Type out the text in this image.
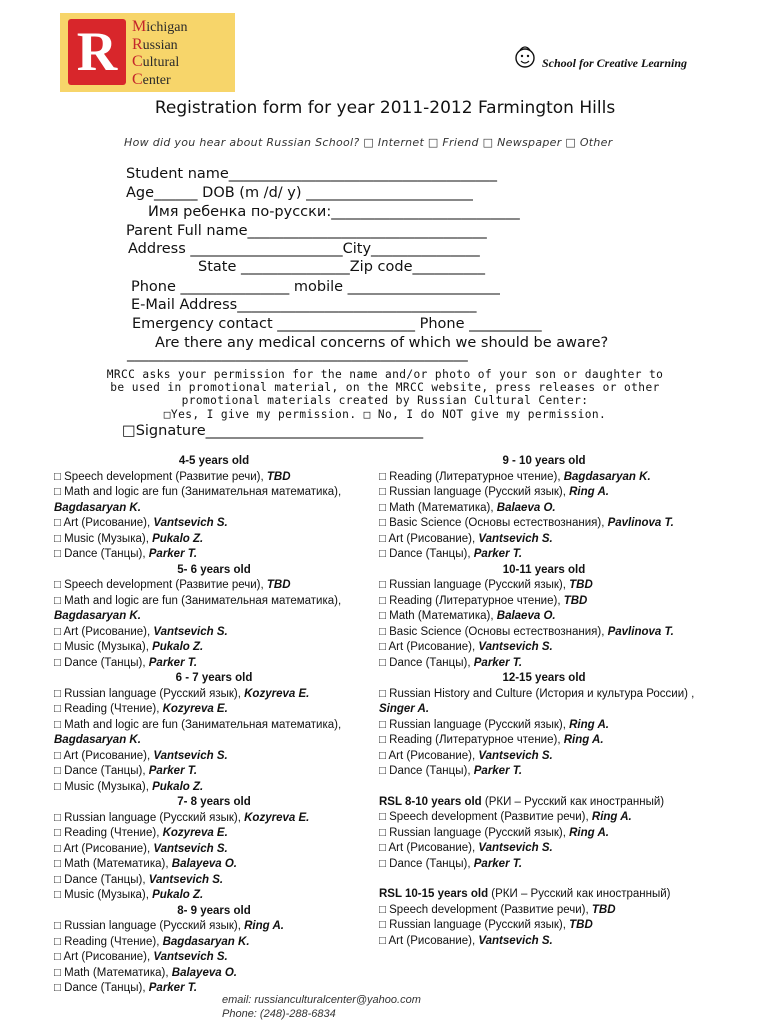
R Michigan
Russian
Cultural
Center
School for Creative Learning
Registration form for year 2011-2012 Farmington Hills
How did you hear about Russian School? □ Internet □ Friend □ Newspaper □ Other
Student name_____________________________________
Age______ DOB (m /d/ y) _______________________
Имя ребенка по-русски:__________________________
Parent Full name_________________________________
Address _____________________City_______________
State _______________Zip code__________
Phone _______________ mobile _____________________
E-Mail Address_________________________________
Emergency contact ___________________ Phone __________
Are there any medical concerns of which we should be aware?
_______________________________________________
MRCC asks your permission for the name and/or photo of your son or daughter to
be used in promotional material, on the MRCC website, press releases or other
promotional materials created by Russian Cultural Center:
□Yes, I give my permission. □ No, I do NOT give my permission.
□Signature______________________________
4-5 years old
□ Speech development (Развитие речи), TBD
□ Math and logic are fun (Занимательная математика), Bagdasaryan K.
□ Art (Рисование), Vantsevich S.
□ Music (Музыка), Pukalo Z.
□ Dance (Танцы), Parker T.
5- 6 years old
□ Speech development (Развитие речи), TBD
□ Math and logic are fun (Занимательная математика), Bagdasaryan K.
□ Art (Рисование), Vantsevich S.
□ Music (Музыка), Pukalo Z.
□ Dance (Танцы), Parker T.
6 - 7 years old
□ Russian language (Русский язык), Kozyreva E.
□ Reading (Чтение), Kozyreva E.
□ Math and logic are fun (Занимательная математика), Bagdasaryan K.
□ Art (Рисование), Vantsevich S.
□ Dance (Танцы), Parker T.
□ Music (Музыка), Pukalo Z.
7- 8 years old
□ Russian language (Русский язык), Kozyreva E.
□ Reading (Чтение), Kozyreva E.
□ Art (Рисование), Vantsevich S.
□ Math (Математика), Balayeva O.
□ Dance (Танцы), Vantsevich S.
□ Music (Музыка), Pukalo Z.
8- 9 years old
□ Russian language (Русский язык), Ring A.
□ Reading (Чтение), Bagdasaryan K.
□ Art (Рисование), Vantsevich S.
□ Math (Математика), Balayeva O.
□ Dance (Танцы), Parker T.
9 - 10 years old
□ Reading (Литературное чтение), Bagdasaryan K.
□ Russian language (Русский язык), Ring A.
□ Math (Математика), Balaeva O.
□ Basic Science (Основы естествознания), Pavlinova T.
□ Art (Рисование), Vantsevich S.
□ Dance (Танцы), Parker T.
10-11 years old
□ Russian language (Русский язык), TBD
□ Reading (Литературное чтение), TBD
□ Math (Математика), Balaeva O.
□ Basic Science (Основы естествознания), Pavlinova T.
□ Art (Рисование), Vantsevich S.
□ Dance (Танцы), Parker T.
12-15 years old
□ Russian History and Culture (История и культура России) , Singer A.
□ Russian language (Русский язык), Ring A.
□ Reading (Литературное чтение), Ring A.
□ Art (Рисование), Vantsevich S.
□ Dance (Танцы), Parker T.
RSL 8-10 years old (РКИ – Русский как иностранный)
□ Speech development (Развитие речи), Ring A.
□ Russian language (Русский язык), Ring A.
□ Art (Рисование), Vantsevich S.
□ Dance (Танцы), Parker T.
RSL 10-15 years old (РКИ – Русский как иностранный)
□ Speech development (Развитие речи), TBD
□ Russian language (Русский язык), TBD
□ Art (Рисование), Vantsevich S.
email: russianculturalcenter@yahoo.com
Phone: (248)-288-6834
